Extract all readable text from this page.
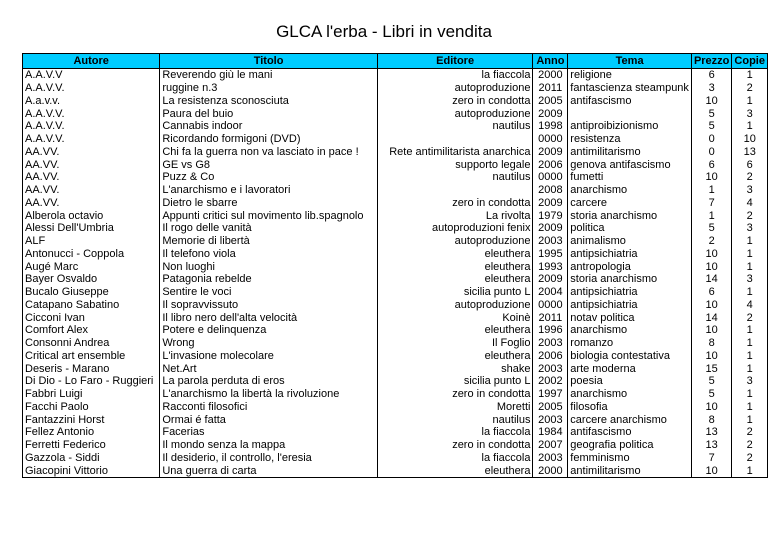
GLCA l'erba - Libri in vendita
Autore	Titolo	Editore	Anno	Tema	Prezzo	Copie
A.A.V.V	Reverendo giù le mani	la fiaccola	2000	religione	6	1
A.A.V.V.	ruggine n.3	autoproduzione	2011	fantascienza steampunk	3	2
A.a.v.v.	La resistenza sconosciuta	zero in condotta	2005	antifascismo	10	1
A.A.V.V.	Paura del buio	autoproduzione	2009		5	3
A.A.V.V.	Cannabis indoor	nautilus	1998	antiproibizionismo	5	1
A.A.V.V.	Ricordando formigoni (DVD)		0000	resistenza	0	10
AA.VV.	Chi fa la guerra non va lasciato in pace !	Rete antimilitarista anarchica	2009	antimilitarismo	0	13
AA.VV.	GE vs G8	supporto legale	2006	genova antifascismo	6	6
AA.VV.	Puzz & Co	nautilus	0000	fumetti	10	2
AA.VV.	L'anarchismo e i lavoratori		2008	anarchismo	1	3
AA.VV.	Dietro le sbarre	zero in condotta	2009	carcere	7	4
Alberola octavio	Appunti critici sul movimento lib.spagnolo	La rivolta	1979	storia anarchismo	1	2
Alessi Dell'Umbria	Il rogo delle vanità	autoproduzioni fenix	2009	politica	5	3
ALF	Memorie di libertà	autoproduzione	2003	animalismo	2	1
Antonucci - Coppola	Il telefono viola	eleuthera	1995	antipsichiatria	10	1
Augé Marc	Non luoghi	eleuthera	1993	antropologia	10	1
Bayer Osvaldo	Patagonia rebelde	eleuthera	2009	storia anarchismo	14	3
Bucalo Giuseppe	Sentire le voci	sicilia punto L	2004	antipsichiatria	6	1
Catapano Sabatino	Il sopravvissuto	autoproduzione	0000	antipsichiatria	10	4
Cicconi Ivan	Il libro nero dell'alta velocità	Koinè	2011	notav politica	14	2
Comfort Alex	Potere e delinquenza	eleuthera	1996	anarchismo	10	1
Consonni Andrea	Wrong	Il Foglio	2003	romanzo	8	1
Critical art ensemble	L'invasione molecolare	eleuthera	2006	biologia contestativa	10	1
Deseris - Marano	Net.Art	shake	2003	arte moderna	15	1
Di Dio - Lo Faro - Ruggieri	La parola perduta di eros	sicilia punto L	2002	poesia	5	3
Fabbri Luigi	L'anarchismo la libertà la rivoluzione	zero in condotta	1997	anarchismo	5	1
Facchi Paolo	Racconti filosofici	Moretti	2005	filosofia	10	1
Fantazzini Horst	Ormai é fatta	nautilus	2003	carcere anarchismo	8	1
Fellez Antonio	Facerias	la fiaccola	1984	antifascismo	13	2
Ferretti Federico	Il mondo senza la mappa	zero in condotta	2007	geografia politica	13	2
Gazzola - Siddi	Il desiderio, il controllo, l'eresia	la fiaccola	2003	femminismo	7	2
Giacopini Vittorio	Una guerra di carta	eleuthera	2000	antimilitarismo	10	1
